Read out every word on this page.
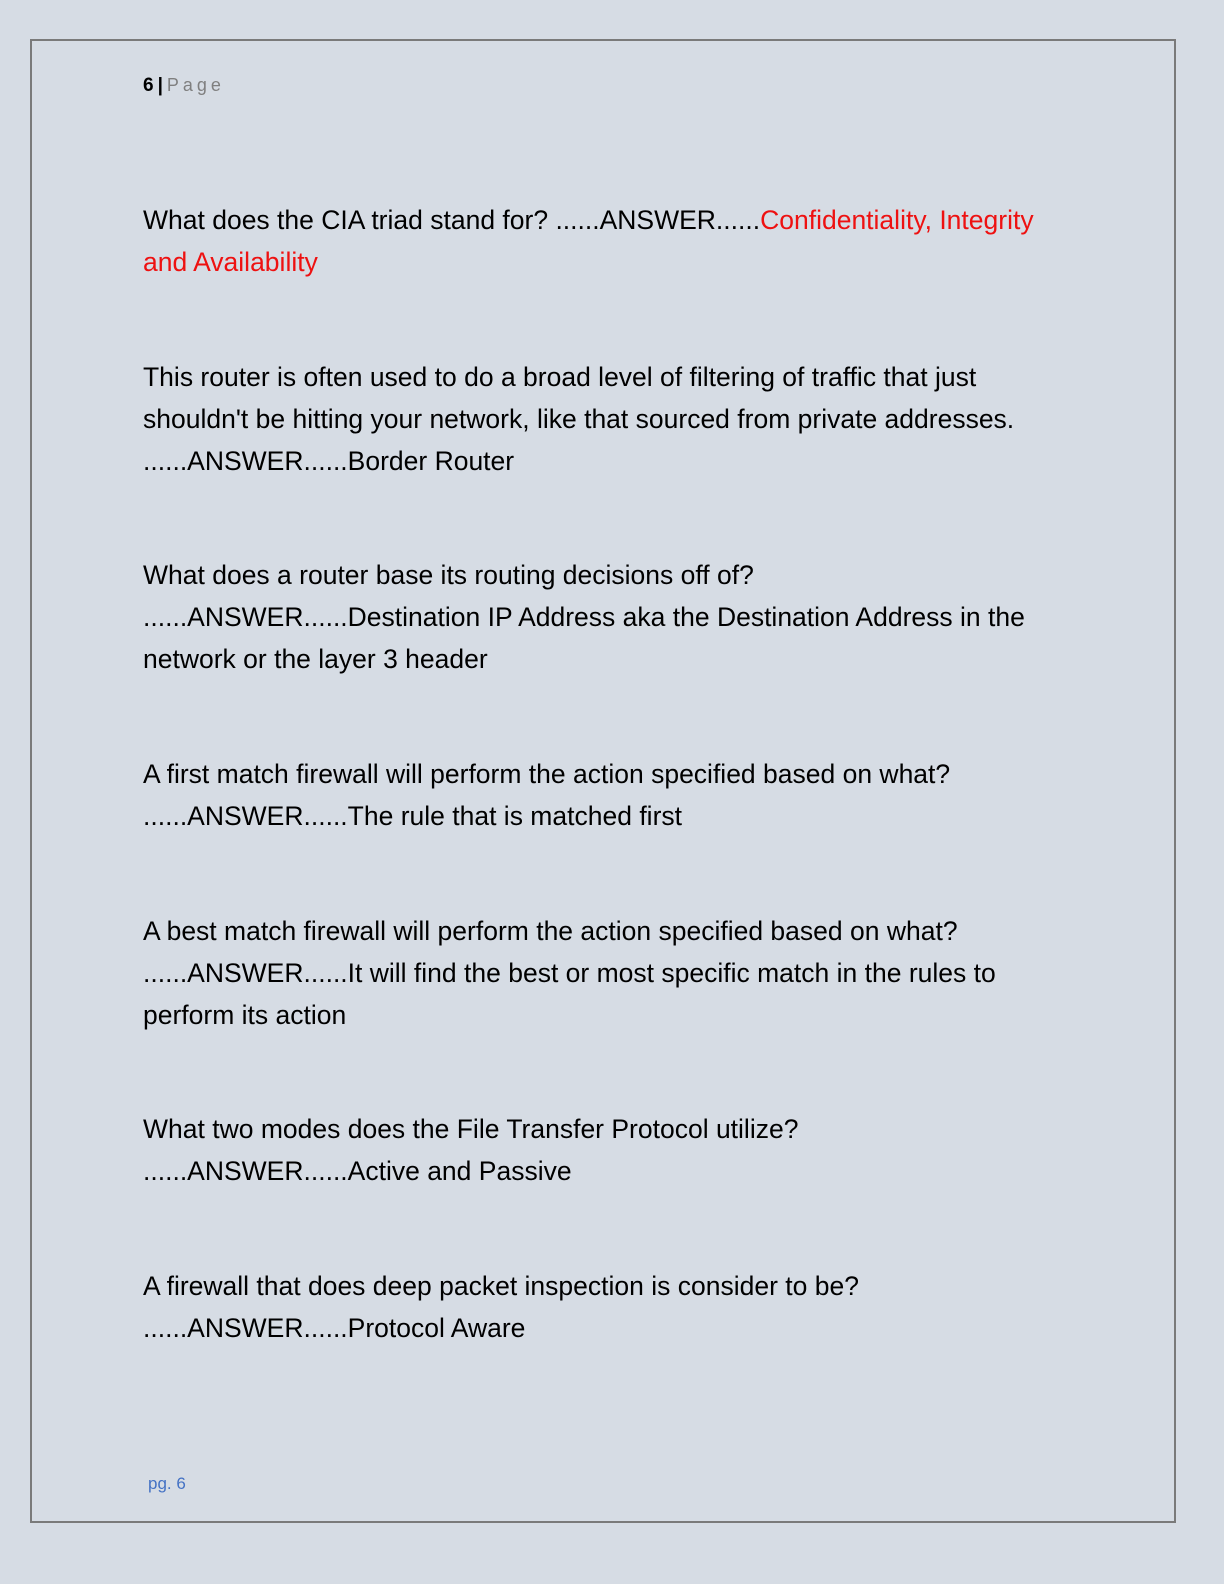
6 | Page
What does the CIA triad stand for? ......ANSWER......Confidentiality, Integrity and Availability
This router is often used to do a broad level of filtering of traffic that just shouldn't be hitting your network, like that sourced from private addresses. ......ANSWER......Border Router
What does a router base its routing decisions off of? ......ANSWER......Destination IP Address aka the Destination Address in the network or the layer 3 header
A first match firewall will perform the action specified based on what? ......ANSWER......The rule that is matched first
A best match firewall will perform the action specified based on what? ......ANSWER......It will find the best or most specific match in the rules to perform its action
What two modes does the File Transfer Protocol utilize? ......ANSWER......Active and Passive
A firewall that does deep packet inspection is consider to be? ......ANSWER......Protocol Aware
pg. 6
